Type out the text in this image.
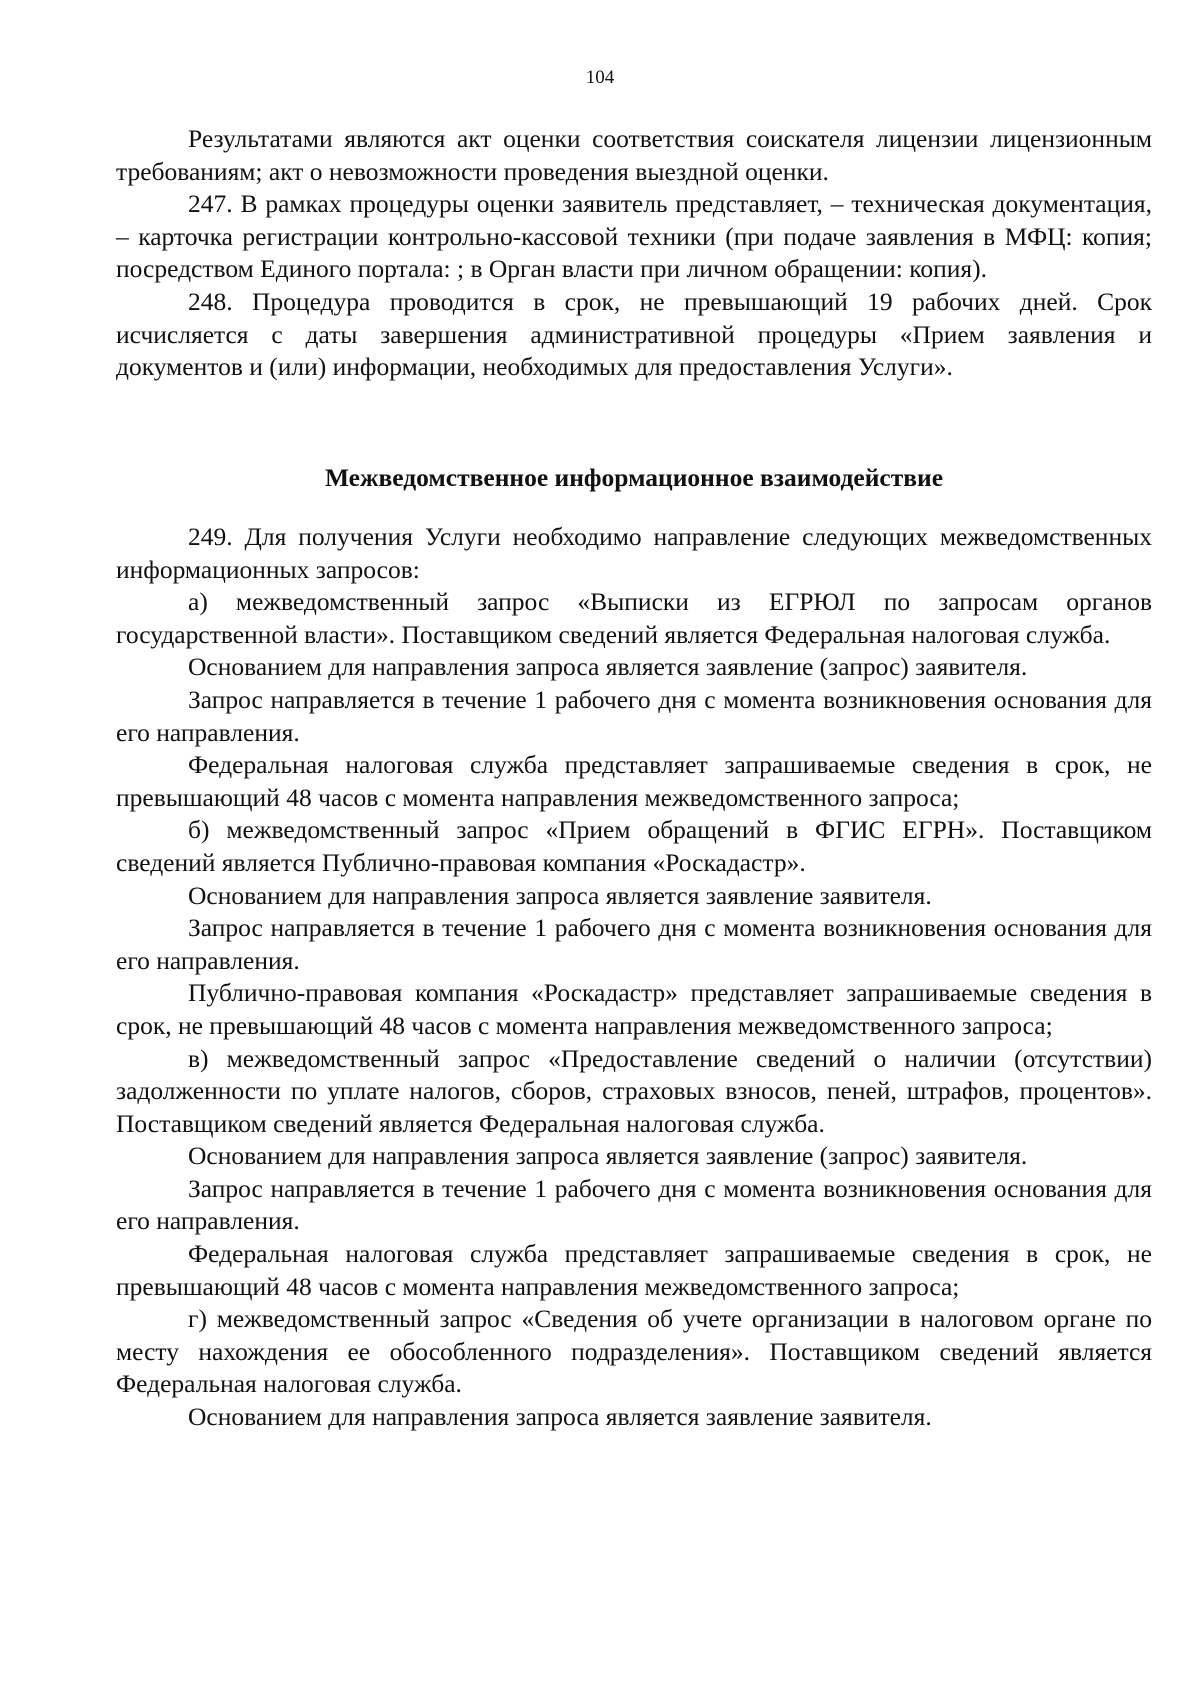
104

Результатами являются акт оценки соответствия соискателя лицензии лицензионным требованиям; акт о невозможности проведения выездной оценки.

247. В рамках процедуры оценки заявитель представляет, – техническая документация, – карточка регистрации контрольно-кассовой техники (при подаче заявления в МФЦ: копия; посредством Единого портала: ; в Орган власти при личном обращении: копия).

248. Процедура проводится в срок, не превышающий 19 рабочих дней. Срок исчисляется с даты завершения административной процедуры «Прием заявления и документов и (или) информации, необходимых для предоставления Услуги».

Межведомственное информационное взаимодействие

249. Для получения Услуги необходимо направление следующих межведомственных информационных запросов:

а) межведомственный запрос «Выписки из ЕГРЮЛ по запросам органов государственной власти». Поставщиком сведений является Федеральная налоговая служба.

Основанием для направления запроса является заявление (запрос) заявителя.

Запрос направляется в течение 1 рабочего дня с момента возникновения основания для его направления.

Федеральная налоговая служба представляет запрашиваемые сведения в срок, не превышающий 48 часов с момента направления межведомственного запроса;

б) межведомственный запрос «Прием обращений в ФГИС ЕГРН». Поставщиком сведений является Публично-правовая компания «Роскадастр».

Основанием для направления запроса является заявление заявителя.

Запрос направляется в течение 1 рабочего дня с момента возникновения основания для его направления.

Публично-правовая компания «Роскадастр» представляет запрашиваемые сведения в срок, не превышающий 48 часов с момента направления межведомственного запроса;

в) межведомственный запрос «Предоставление сведений о наличии (отсутствии) задолженности по уплате налогов, сборов, страховых взносов, пеней, штрафов, процентов». Поставщиком сведений является Федеральная налоговая служба.

Основанием для направления запроса является заявление (запрос) заявителя.

Запрос направляется в течение 1 рабочего дня с момента возникновения основания для его направления.

Федеральная налоговая служба представляет запрашиваемые сведения в срок, не превышающий 48 часов с момента направления межведомственного запроса;

г) межведомственный запрос «Сведения об учете организации в налоговом органе по месту нахождения ее обособленного подразделения». Поставщиком сведений является Федеральная налоговая служба.

Основанием для направления запроса является заявление заявителя.
